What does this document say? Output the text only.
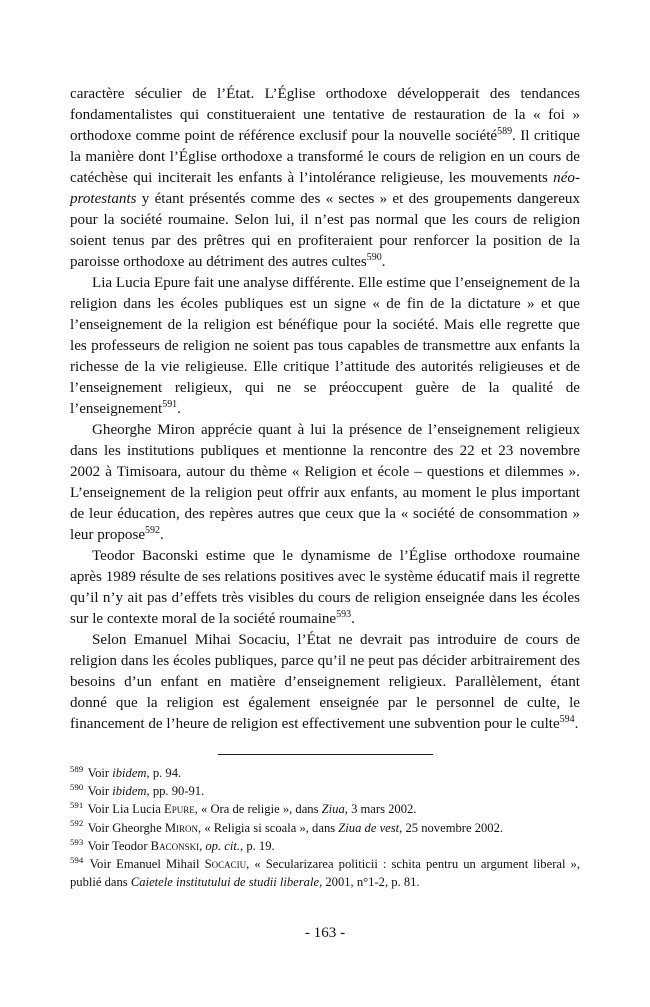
caractère séculier de l’État. L’Église orthodoxe développerait des tendances fondamentalistes qui constitueraient une tentative de restauration de la « foi » orthodoxe comme point de référence exclusif pour la nouvelle société$^{589}$. Il critique la manière dont l’Église orthodoxe a transformé le cours de religion en un cours de catéchèse qui inciterait les enfants à l’intolérance religieuse, les mouvements néo-protestants y étant présentés comme des « sectes » et des groupements dangereux pour la société roumaine. Selon lui, il n’est pas normal que les cours de religion soient tenus par des prêtres qui en profiteraient pour renforcer la position de la paroisse orthodoxe au détriment des autres cultes$^{590}$.

Lia Lucia Epure fait une analyse différente. Elle estime que l’enseignement de la religion dans les écoles publiques est un signe « de fin de la dictature » et que l’enseignement de la religion est bénéfique pour la société. Mais elle regrette que les professeurs de religion ne soient pas tous capables de transmettre aux enfants la richesse de la vie religieuse. Elle critique l’attitude des autorités religieuses et de l’enseignement religieux, qui ne se préoccupent guère de la qualité de l’enseignement$^{591}$.

Gheorghe Miron apprécie quant à lui la présence de l’enseignement religieux dans les institutions publiques et mentionne la rencontre des 22 et 23 novembre 2002 à Timisoara, autour du thème « Religion et école – questions et dilemmes ». L’enseignement de la religion peut offrir aux enfants, au moment le plus important de leur éducation, des repères autres que ceux que la « société de consommation » leur propose$^{592}$.

Teodor Baconski estime que le dynamisme de l’Église orthodoxe roumaine après 1989 résulte de ses relations positives avec le système éducatif mais il regrette qu’il n’y ait pas d’effets très visibles du cours de religion enseignée dans les écoles sur le contexte moral de la société roumaine$^{593}$.

Selon Emanuel Mihai Socaciu, l’État ne devrait pas introduire de cours de religion dans les écoles publiques, parce qu’il ne peut pas décider arbitrairement des besoins d’un enfant en matière d’enseignement religieux. Parallèlement, étant donné que la religion est également enseignée par le personnel de culte, le financement de l’heure de religion est effectivement une subvention pour le culte$^{594}$.

$^{589}$ Voir ibidem, p. 94.

$^{590}$ Voir ibidem, pp. 90-91.

$^{591}$ Voir Lia Lucia Epure, « Ora de religie », dans Ziua, 3 mars 2002.

$^{592}$ Voir Gheorghe Miron, « Religia si scoala », dans Ziua de vest, 25 novembre 2002.

$^{593}$ Voir Teodor Baconski, op. cit., p. 19.

$^{594}$ Voir Emanuel Mihail Socaciu, « Secularizarea politicii : schita pentru un argument liberal », publié dans Caietele institutului de studii liberale, 2001, n°1-2, p. 81.

- 163 -
